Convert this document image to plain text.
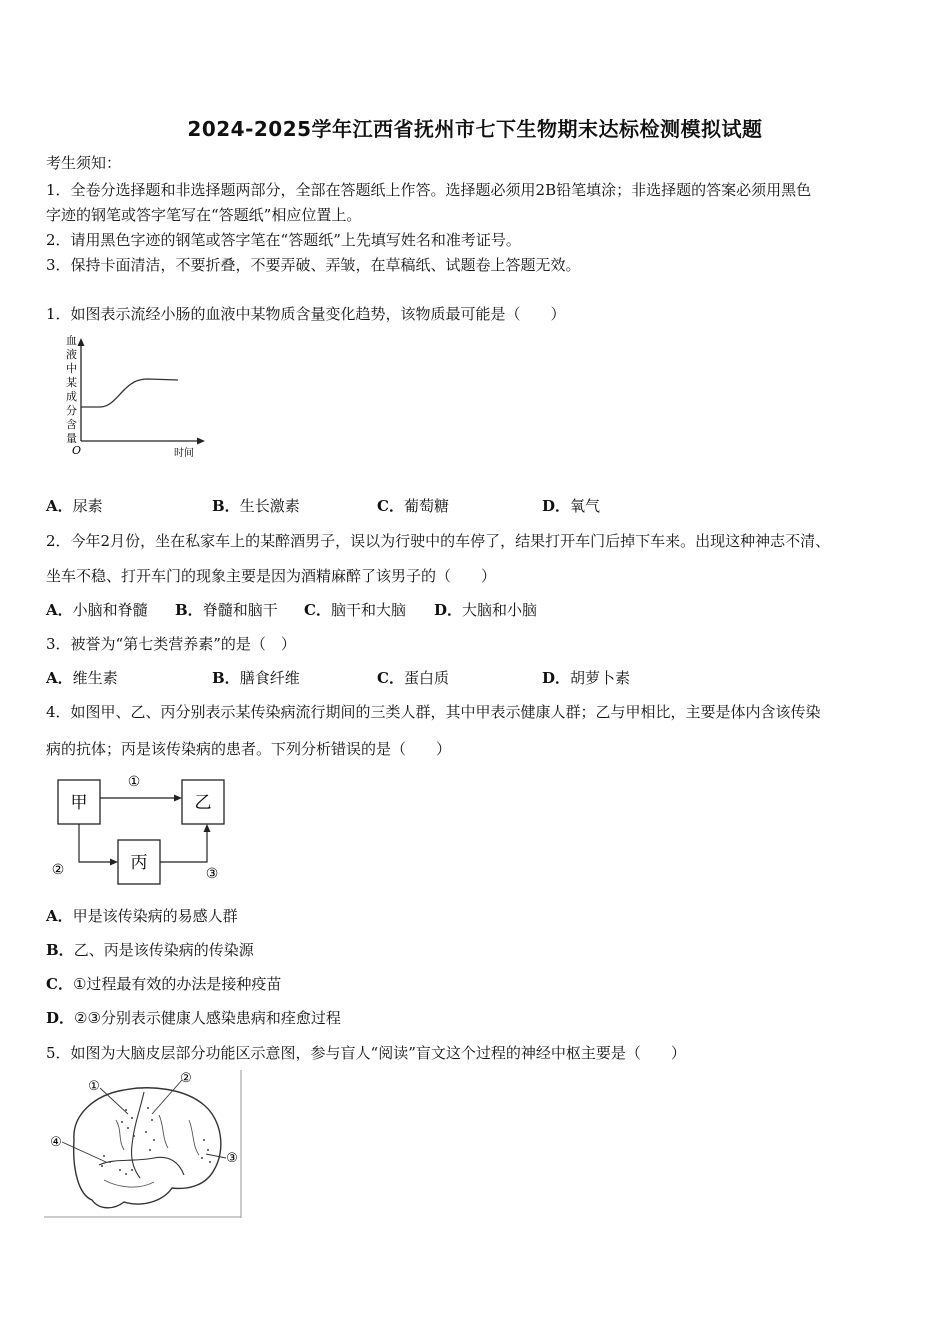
2024-2025学年江西省抚州市七下生物期末达标检测模拟试题
考生须知：
1．全卷分选择题和非选择题两部分，全部在答题纸上作答。选择题必须用2B铅笔填涂；非选择题的答案必须用黑色
字迹的钢笔或答字笔写在“答题纸”相应位置上。
2．请用黑色字迹的钢笔或答字笔在“答题纸”上先填写姓名和准考证号。
3．保持卡面清洁，不要折叠，不要弄破、弄皱，在草稿纸、试题卷上答题无效。
1．如图表示流经小肠的血液中某物质含量变化趋势，该物质最可能是（　　）
血
液
中
某
成
分
含
量
O	时间
A．尿素	B．生长激素	C．葡萄糖	D．氧气
2．今年2月份，坐在私家车上的某醉酒男子，误以为行驶中的车停了，结果打开车门后掉下车来。出现这种神志不清、
坐车不稳、打开车门的现象主要是因为酒精麻醉了该男子的（　　）
A．小脑和脊髓 B．脊髓和脑干 C．脑干和大脑 D．大脑和小脑
3．被誉为“第七类营养素”的是（　）
A．维生素	B．膳食纤维	C．蛋白质	D．胡萝卜素
4．如图甲、乙、丙分别表示某传染病流行期间的三类人群，其中甲表示健康人群；乙与甲相比，主要是体内含该传染
病的抗体；丙是该传染病的患者。下列分析错误的是（　　）
甲	乙
丙
①
②	③
A．甲是该传染病的易感人群
B．乙、丙是该传染病的传染源
C．①过程最有效的办法是接种疫苗
D．②③分别表示健康人感染患病和痊愈过程
5．如图为大脑皮层部分功能区示意图，参与盲人“阅读”盲文这个过程的神经中枢主要是（　　）
①
②
③
④
